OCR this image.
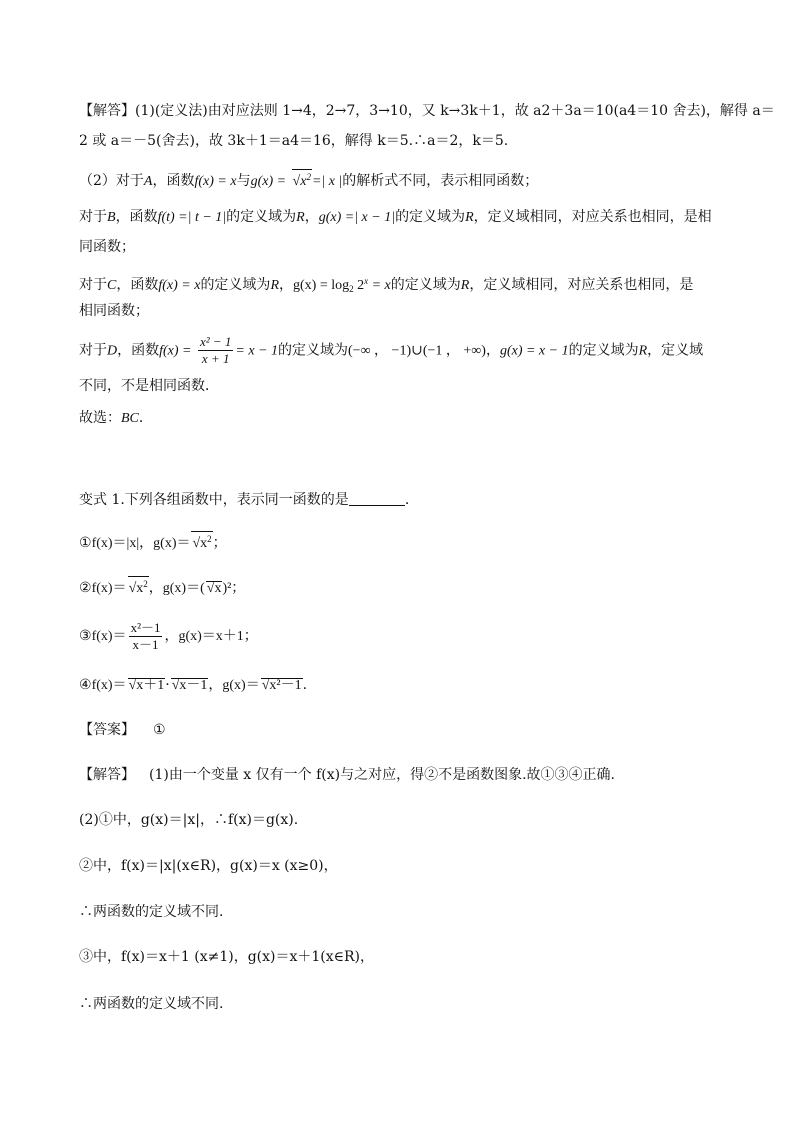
【解答】(1)(定义法)由对应法则 1→4，2→7，3→10，又 k→3k＋1，故 a2＋3a＝10(a4＝10 舍去)，解得 a＝
2 或 a＝－5(舍去)，故 3k＋1＝a4＝16，解得 k＝5.∴a＝2，k＝5.
（2）对于A，函数f(x) = x与$g(x) = √x^2=|$ x |的解析式不同，表示相同函数；
对于B，函数f(t) =| t − 1|的定义域为R，g(x) =| x − 1|的定义域为R，定义域相同，对应关系也相同，是相
同函数；
对于C，函数f(x) = x的定义域为R，$g(x) = \log_2 2^x = x$的定义域为R，定义域相同，对应关系也相同，是
相同函数；
对于D，函数$f(x) = \frac{\text{x² − 1}}{x + 1} = x - 1$的定义域为(−∞ ， −1)∪(−1 ， +∞)，g(x) = x − 1的定义域为R，定义域
不同，不是相同函数．
故选：BC．
变式 1.下列各组函数中，表示同一函数的是	.
①f(x)＝|x|，$g(x)= √x^2$；
②f(x)＝ $√x^2$，g(x)＝( √x)²；
③f(x)＝ $\frac{\text{x²－1}}{x-1}$ ，g(x)＝x＋1；
④f(x)＝ √x＋1· √x－1，g(x)＝ √x²－1.
【答案】 ①
【解答】 (1)由一个变量 x 仅有一个 f(x)与之对应，得②不是函数图象.故①③④正确.
(2)①中，g(x)＝|x|，∴f(x)＝g(x).
②中，f(x)＝|x|(x∈R)，g(x)＝x (x≥0)，
∴两函数的定义域不同.
③中，f(x)＝x＋1 (x≠1)，g(x)＝x＋1(x∈R)，
∴两函数的定义域不同.
